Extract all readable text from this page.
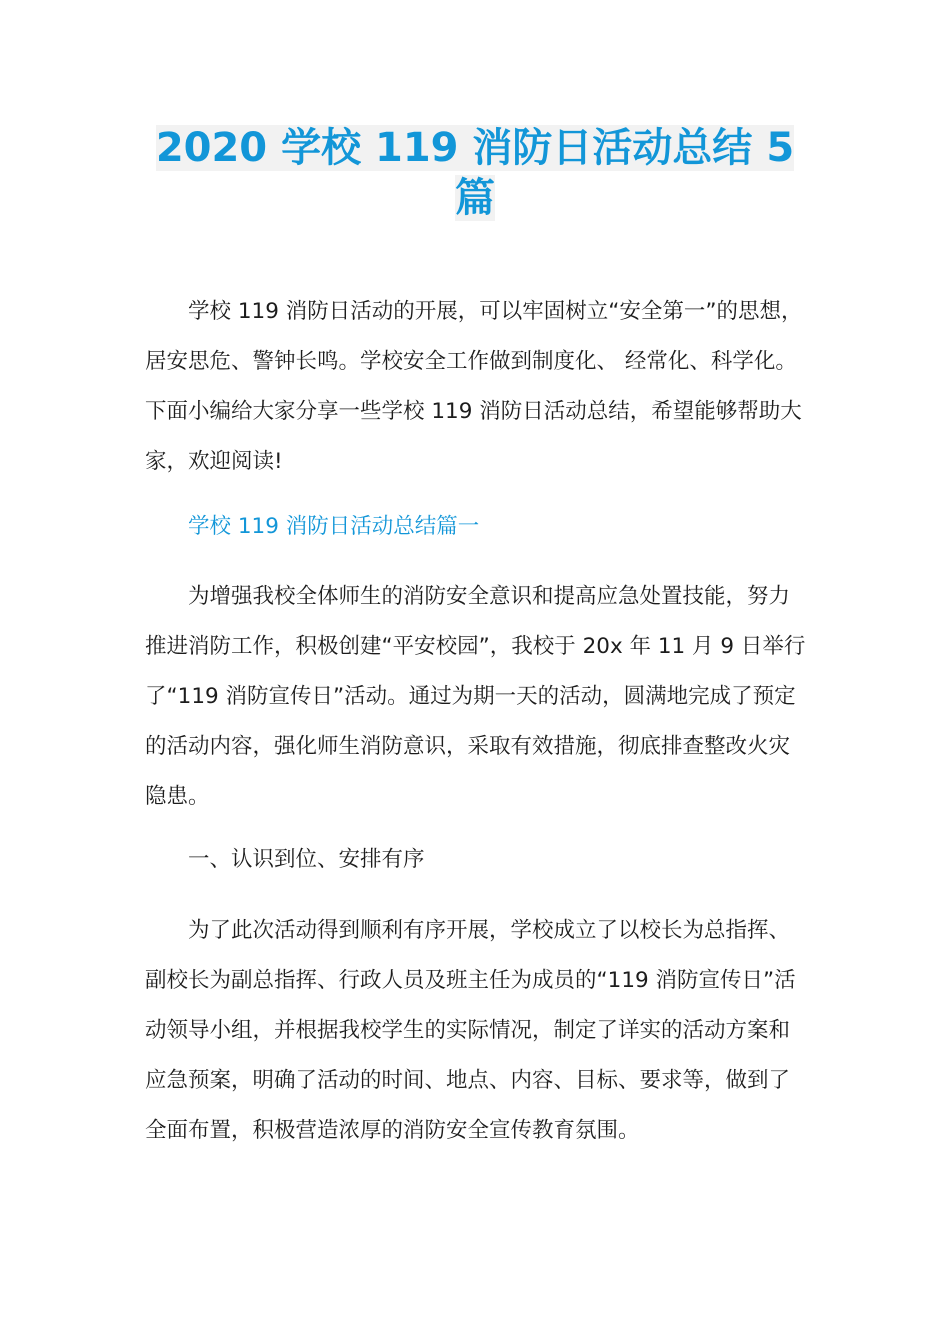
2020 学校 119 消防日活动总结 5 篇

学校 119 消防日活动的开展，可以牢固树立“安全第一”的思想，居安思危、警钟长鸣。学校安全工作做到制度化、 经常化、科学化。下面小编给大家分享一些学校 119 消防日活动总结，希望能够帮助大家，欢迎阅读!

学校 119 消防日活动总结篇一

为增强我校全体师生的消防安全意识和提高应急处置技能，努力推进消防工作，积极创建“平安校园”，我校于 20x 年 11 月 9 日举行了“119 消防宣传日”活动。通过为期一天的活动，圆满地完成了预定的活动内容，强化师生消防意识，采取有效措施，彻底排查整改火灾隐患。

一、认识到位、安排有序

为了此次活动得到顺利有序开展，学校成立了以校长为总指挥、副校长为副总指挥、行政人员及班主任为成员的“119 消防宣传日”活动领导小组，并根据我校学生的实际情况，制定了详实的活动方案和应急预案，明确了活动的时间、地点、内容、目标、要求等，做到了全面布置，积极营造浓厚的消防安全宣传教育氛围。
